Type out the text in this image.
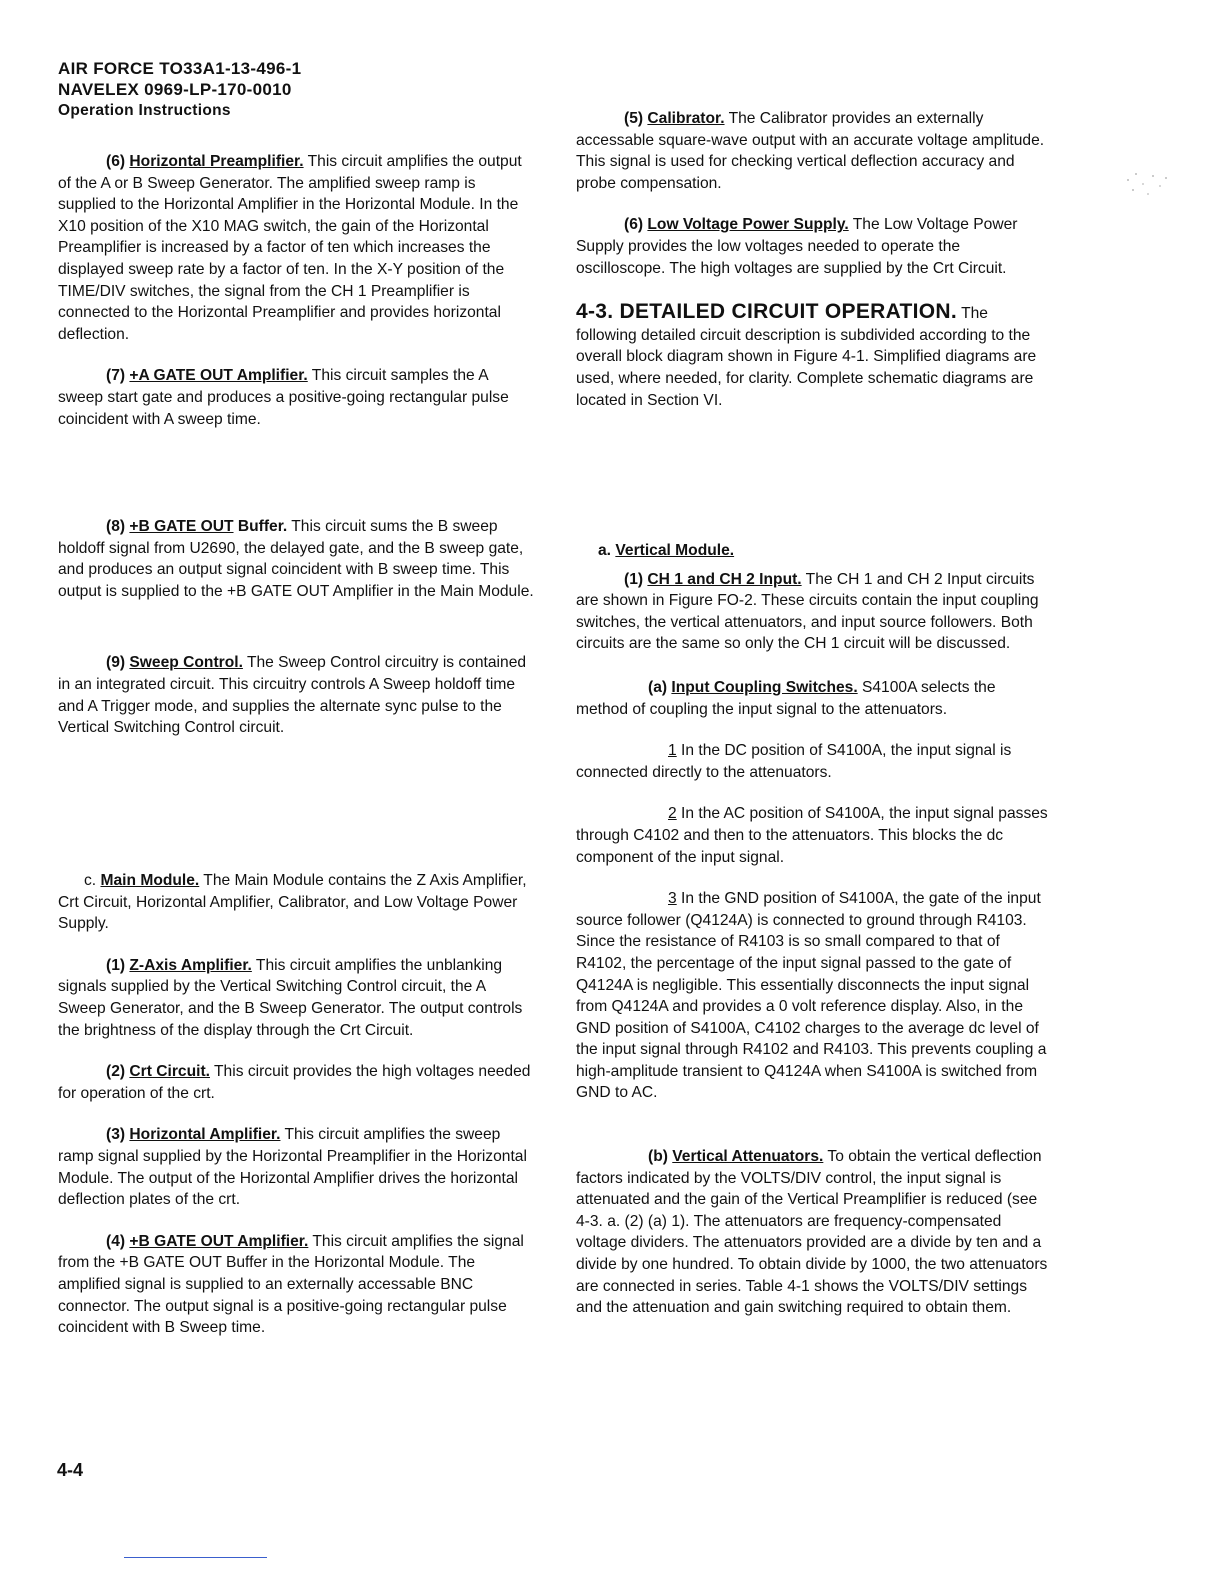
AIR FORCE TO33A1-13-496-1
NAVELEX 0969-LP-170-0010
Operation Instructions

(6) Horizontal Preamplifier. This circuit amplifies the output of the A or B Sweep Generator. The amplified sweep ramp is supplied to the Horizontal Amplifier in the Horizontal Module. In the X10 position of the X10 MAG switch, the gain of the Horizontal Preamplifier is increased by a factor of ten which increases the displayed sweep rate by a factor of ten. In the X-Y position of the TIME/DIV switches, the signal from the CH 1 Preamplifier is connected to the Horizontal Preamplifier and provides horizontal deflection.

(7) +A GATE OUT Amplifier. This circuit samples the A sweep start gate and produces a positive-going rectangular pulse coincident with A sweep time.

(8) +B GATE OUT Buffer. This circuit sums the B sweep holdoff signal from U2690, the delayed gate, and the B sweep gate, and produces an output signal coincident with B sweep time. This output is supplied to the +B GATE OUT Amplifier in the Main Module.

(9) Sweep Control. The Sweep Control circuitry is contained in an integrated circuit. This circuitry controls A Sweep holdoff time and A Trigger mode, and supplies the alternate sync pulse to the Vertical Switching Control circuit.

c. Main Module. The Main Module contains the Z Axis Amplifier, Crt Circuit, Horizontal Amplifier, Calibrator, and Low Voltage Power Supply.

(1) Z-Axis Amplifier. This circuit amplifies the unblanking signals supplied by the Vertical Switching Control circuit, the A Sweep Generator, and the B Sweep Generator. The output controls the brightness of the display through the Crt Circuit.

(2) Crt Circuit. This circuit provides the high voltages needed for operation of the crt.

(3) Horizontal Amplifier. This circuit amplifies the sweep ramp signal supplied by the Horizontal Preamplifier in the Horizontal Module. The output of the Horizontal Amplifier drives the horizontal deflection plates of the crt.

(4) +B GATE OUT Amplifier. This circuit amplifies the signal from the +B GATE OUT Buffer in the Horizontal Module. The amplified signal is supplied to an externally accessable BNC connector. The output signal is a positive-going rectangular pulse coincident with B Sweep time.

(5) Calibrator. The Calibrator provides an externally accessable square-wave output with an accurate voltage amplitude. This signal is used for checking vertical deflection accuracy and probe compensation.

(6) Low Voltage Power Supply. The Low Voltage Power Supply provides the low voltages needed to operate the oscilloscope. The high voltages are supplied by the Crt Circuit.

4-3. DETAILED CIRCUIT OPERATION. The following detailed circuit description is subdivided according to the overall block diagram shown in Figure 4-1. Simplified diagrams are used, where needed, for clarity. Complete schematic diagrams are located in Section VI.

a. Vertical Module.

(1) CH 1 and CH 2 Input. The CH 1 and CH 2 Input circuits are shown in Figure FO-2. These circuits contain the input coupling switches, the vertical attenuators, and input source followers. Both circuits are the same so only the CH 1 circuit will be discussed.

(a) Input Coupling Switches. S4100A selects the method of coupling the input signal to the attenuators.

1 In the DC position of S4100A, the input signal is connected directly to the attenuators.

2 In the AC position of S4100A, the input signal passes through C4102 and then to the attenuators. This blocks the dc component of the input signal.

3 In the GND position of S4100A, the gate of the input source follower (Q4124A) is connected to ground through R4103. Since the resistance of R4103 is so small compared to that of R4102, the percentage of the input signal passed to the gate of Q4124A is negligible. This essentially disconnects the input signal from Q4124A and provides a 0 volt reference display. Also, in the GND position of S4100A, C4102 charges to the average dc level of the input signal through R4102 and R4103. This prevents coupling a high-amplitude transient to Q4124A when S4100A is switched from GND to AC.

(b) Vertical Attenuators. To obtain the vertical deflection factors indicated by the VOLTS/DIV control, the input signal is attenuated and the gain of the Vertical Preamplifier is reduced (see 4-3. a. (2) (a) 1). The attenuators are frequency-compensated voltage dividers. The attenuators provided are a divide by ten and a divide by one hundred. To obtain divide by 1000, the two attenuators are connected in series. Table 4-1 shows the VOLTS/DIV settings and the attenuation and gain switching required to obtain them.

4-4
